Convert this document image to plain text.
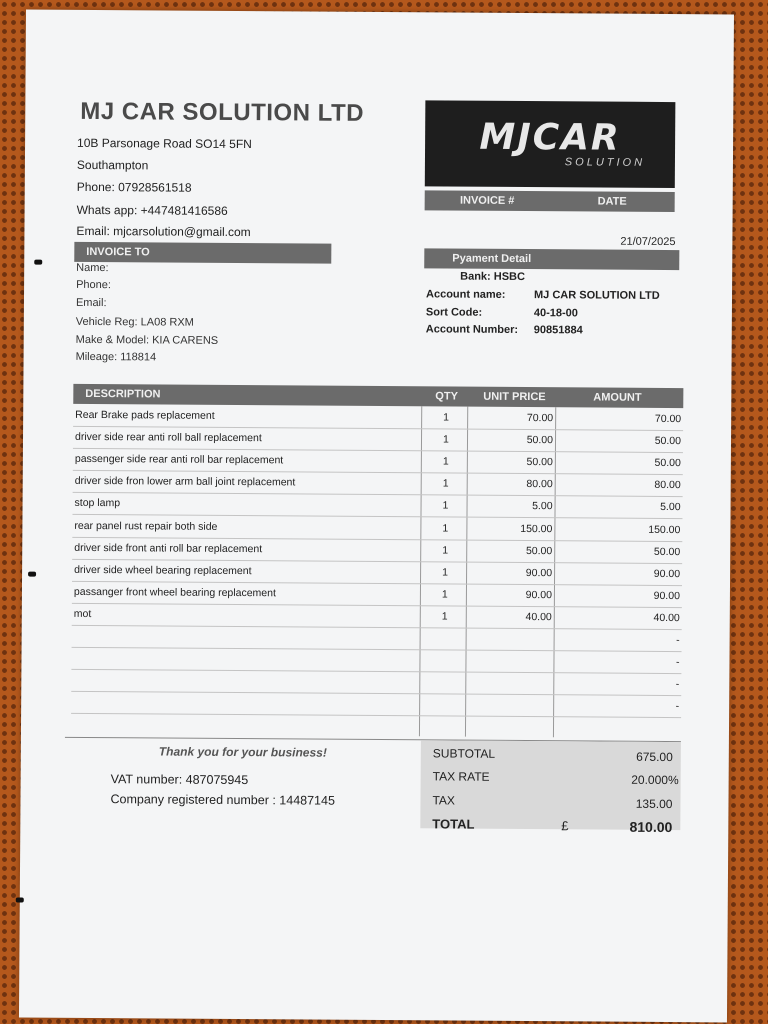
MJ CAR SOLUTION LTD
10B Parsonage Road SO14 5FN
Southampton
Phone: 07928561518
Whats app: +447481416586
Email: mjcarsolution@gmail.com
MJCAR
SOLUTION
INVOICE #	DATE
21/07/2025
INVOICE TO
Name:
Phone:
Email:
Vehicle Reg: LA08 RXM
Make & Model: KIA CARENS
Mileage: 118814
Pyament Detail
Bank: HSBC
Account name:	MJ CAR SOLUTION LTD
Sort Code:	40-18-00
Account Number: 90851884
DESCRIPTION	QTY UNIT PRICE	AMOUNT
Rear Brake pads replacement	1	70.00	70.00
driver side rear anti roll ball replacement	1	50.00	50.00
passenger side rear anti roll bar replacement	1	50.00	50.00
driver side fron lower arm ball joint replacement	1	80.00	80.00
stop lamp	1	5.00	5.00
rear panel rust repair both side	1	150.00	150.00
driver side front anti roll bar replacement	1	50.00	50.00
driver side wheel bearing replacement	1	90.00	90.00
passanger front wheel bearing replacement	1	90.00	90.00
mot	1	40.00	40.00
-
-
-
-
Thank you for your business!
VAT number: 487075945
Company registered number : 14487145
SUBTOTAL	675.00
TAX RATE	20.000%
TAX	135.00
TOTAL	£	810.00
